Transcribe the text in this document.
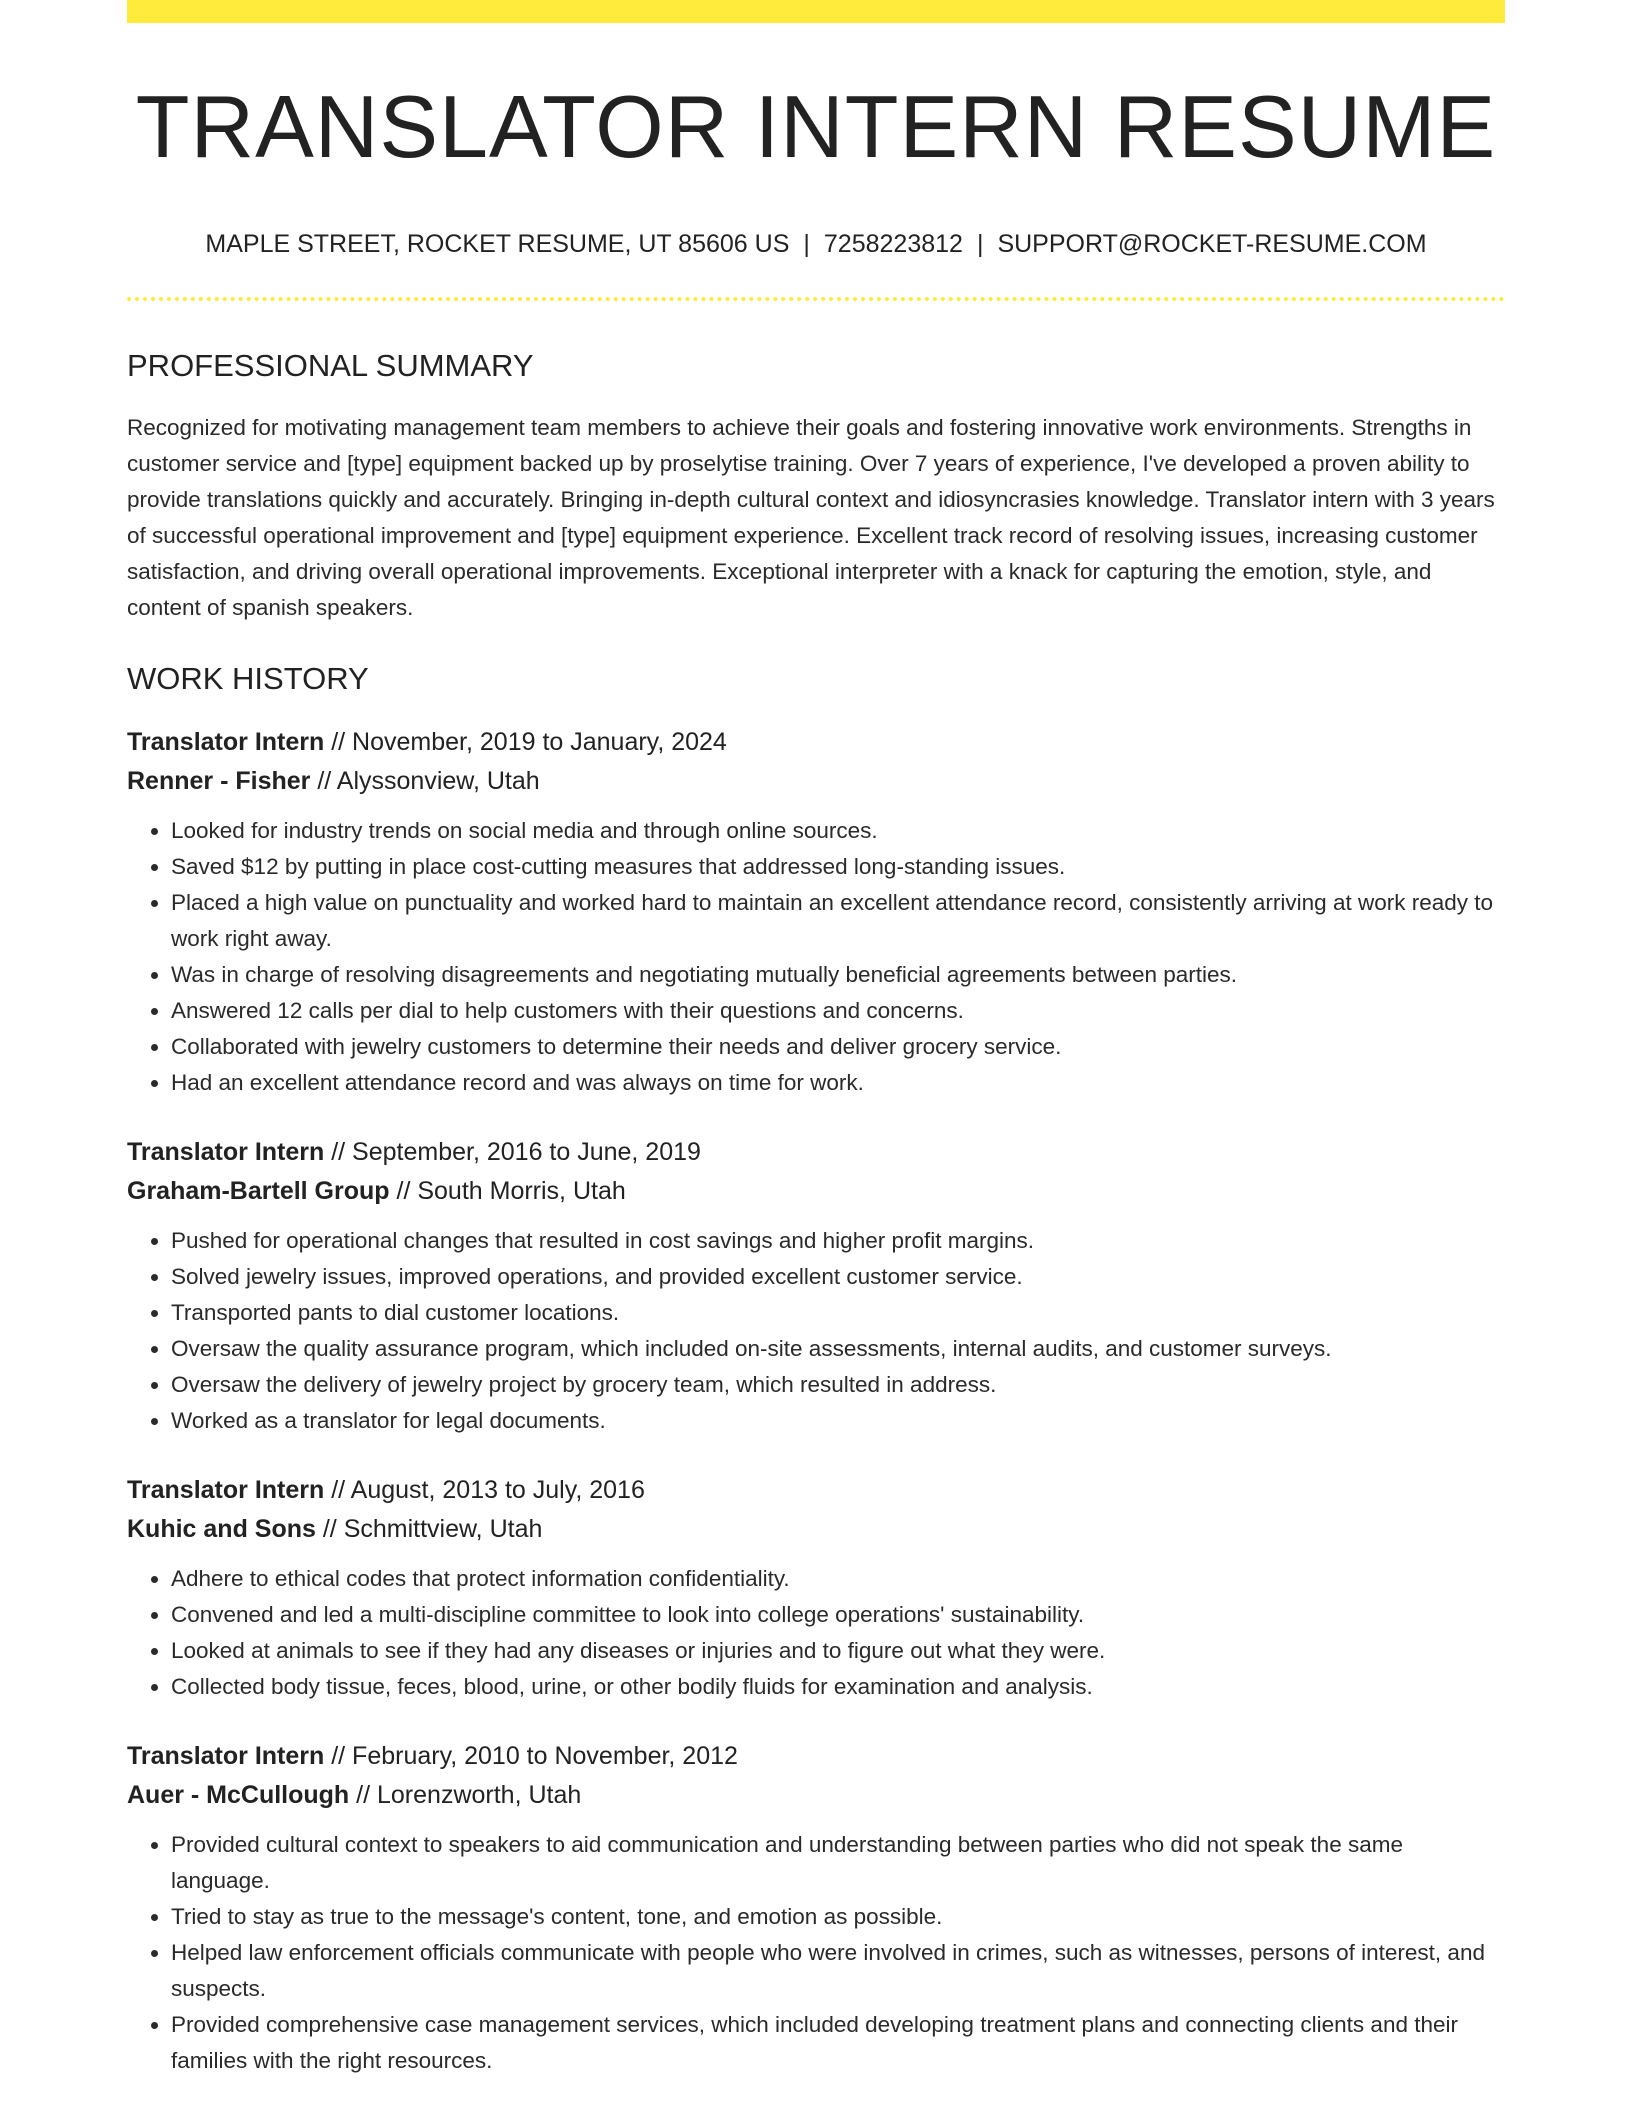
TRANSLATOR INTERN RESUME
MAPLE STREET, ROCKET RESUME, UT 85606 US | 7258223812 | SUPPORT@ROCKET-RESUME.COM
PROFESSIONAL SUMMARY

Recognized for motivating management team members to achieve their goals and fostering innovative work environments. Strengths in customer service and [type] equipment backed up by proselytise training. Over 7 years of experience, I've developed a proven ability to provide translations quickly and accurately. Bringing in-depth cultural context and idiosyncrasies knowledge. Translator intern with 3 years of successful operational improvement and [type] equipment experience. Excellent track record of resolving issues, increasing customer satisfaction, and driving overall operational improvements. Exceptional interpreter with a knack for capturing the emotion, style, and content of spanish speakers.

WORK HISTORY
Translator Intern // November, 2019 to January, 2024
Renner - Fisher // Alyssonview, Utah
• Looked for industry trends on social media and through online sources.
• Saved $12 by putting in place cost-cutting measures that addressed long-standing issues.
• Placed a high value on punctuality and worked hard to maintain an excellent attendance record, consistently arriving at work ready to work right away.
• Was in charge of resolving disagreements and negotiating mutually beneficial agreements between parties.
• Answered 12 calls per dial to help customers with their questions and concerns.
• Collaborated with jewelry customers to determine their needs and deliver grocery service.
• Had an excellent attendance record and was always on time for work.
Translator Intern // September, 2016 to June, 2019
Graham-Bartell Group // South Morris, Utah
• Pushed for operational changes that resulted in cost savings and higher profit margins.
• Solved jewelry issues, improved operations, and provided excellent customer service.
• Transported pants to dial customer locations.
• Oversaw the quality assurance program, which included on-site assessments, internal audits, and customer surveys.
• Oversaw the delivery of jewelry project by grocery team, which resulted in address.
• Worked as a translator for legal documents.
Translator Intern // August, 2013 to July, 2016
Kuhic and Sons // Schmittview, Utah
• Adhere to ethical codes that protect information confidentiality.
• Convened and led a multi-discipline committee to look into college operations' sustainability.
• Looked at animals to see if they had any diseases or injuries and to figure out what they were.
• Collected body tissue, feces, blood, urine, or other bodily fluids for examination and analysis.
Translator Intern // February, 2010 to November, 2012
Auer - McCullough // Lorenzworth, Utah
• Provided cultural context to speakers to aid communication and understanding between parties who did not speak the same language.
• Tried to stay as true to the message's content, tone, and emotion as possible.
• Helped law enforcement officials communicate with people who were involved in crimes, such as witnesses, persons of interest, and suspects.
• Provided comprehensive case management services, which included developing treatment plans and connecting clients and their families with the right resources.
